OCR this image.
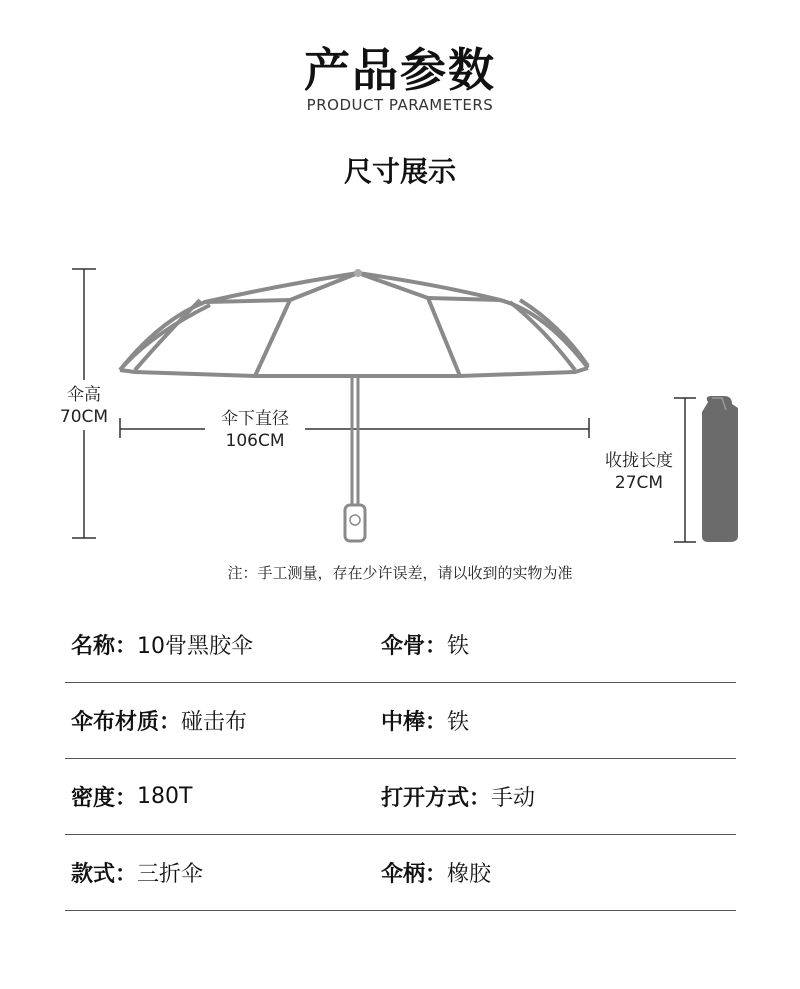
产品参数
PRODUCT PARAMETERS
尺寸展示
伞高
70CM	伞下直径
106CM
收拢长度
27CM
注：手工测量，存在少许误差，请以收到的实物为准
名称： 10骨黑胶伞	伞骨： 铁
伞布材质： 碰击布	中棒： 铁
密度： 180T	打开方式： 手动
款式： 三折伞	伞柄： 橡胶
